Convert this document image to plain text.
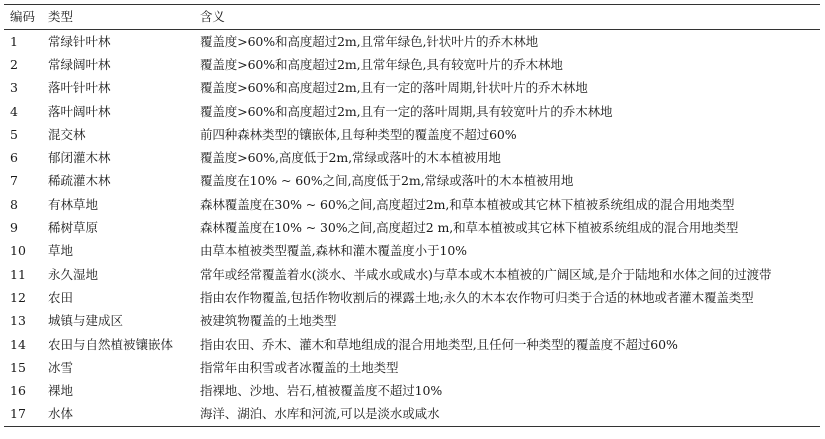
编码	类型	含义
1	常绿针叶林	覆盖度>60%和高度超过2m,且常年绿色,针状叶片的乔木林地
2	常绿阔叶林	覆盖度>60%和高度超过2m,且常年绿色,具有较宽叶片的乔木林地
3	落叶针叶林	覆盖度>60%和高度超过2m,且有一定的落叶周期,针状叶片的乔木林地
4	落叶阔叶林	覆盖度>60%和高度超过2m,且有一定的落叶周期,具有较宽叶片的乔木林地
5	混交林	前四种森林类型的镶嵌体,且每种类型的覆盖度不超过60%
6	郁闭灌木林	覆盖度>60%,高度低于2m,常绿或落叶的木本植被用地
7	稀疏灌木林	覆盖度在10% ~ 60%之间,高度低于2m,常绿或落叶的木本植被用地
8	有林草地	森林覆盖度在30% ~ 60%之间,高度超过2m,和草本植被或其它林下植被系统组成的混合用地类型
9	稀树草原	森林覆盖度在10% ~ 30%之间,高度超过2 m,和草本植被或其它林下植被系统组成的混合用地类型
10	草地	由草本植被类型覆盖,森林和灌木覆盖度小于10%
11	永久湿地	常年或经常覆盖着水(淡水、半咸水或咸水)与草本或木本植被的广阔区域,是介于陆地和水体之间的过渡带
12	农田	指由农作物覆盖,包括作物收割后的裸露土地;永久的木本农作物可归类于合适的林地或者灌木覆盖类型
13	城镇与建成区	被建筑物覆盖的土地类型
14	农田与自然植被镶嵌体	指由农田、乔木、灌木和草地组成的混合用地类型,且任何一种类型的覆盖度不超过60%
15	冰雪	指常年由积雪或者冰覆盖的土地类型
16	裸地	指裸地、沙地、岩石,植被覆盖度不超过10%
17	水体	海洋、湖泊、水库和河流,可以是淡水或咸水
